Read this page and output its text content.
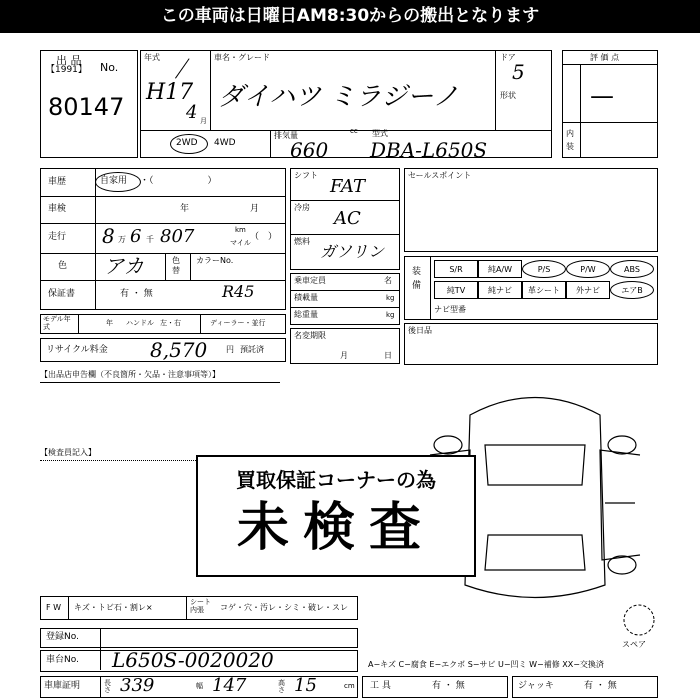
この車両は日曜日AM8:30からの搬出となります
出 品
No.
【1991】
80147
年式
H17
4 月
車名・グレード
ダイハツ ミラジーノ
ドア
5
形状
2WD 4WD
排気量	cc
660
型式
DBA-L650S
評 価 点
—
内装
車歴	自家用 ・（　　　　　　）
車検	年	月
走行 8 万 6 千 807	km
マイル
（　）
色 アカ	色替
カラーNo.
保証書	有 ・ 無	R45
モデル年式	年 ハンドル 左・右	ディーラー・並行
リサイクル料金 8,570 円 預託済
シフト
FAT
冷房
AC
燃料
ガソリン
乗車定員	名
積載量	kg
総重量	kg
名変期限
月	日
セールスポイント
装備
S/R	純A/W	P/S	P/W	ABS
純TV	純ナビ	革シート	外ナビ	エアB
ナビ型番
後日品
【出品店申告欄（不良箇所・欠品・注意事項等）】
【検査員記入】
スペア
買取保証コーナーの為
未検査
F W キズ・トビ石・割レ×
シート 内張	コゲ・穴・汚レ・シミ・破レ・スレ
登録No.
車台No. L650S-0020020	A−キズ C−腐食 E−エクボ S−サビ U−凹ミ W−補修 XX−交換済
車庫証明	長さ 339	幅 147	高さ 15	cm 工 具	有 ・ 無	ジャッキ	有 ・ 無
